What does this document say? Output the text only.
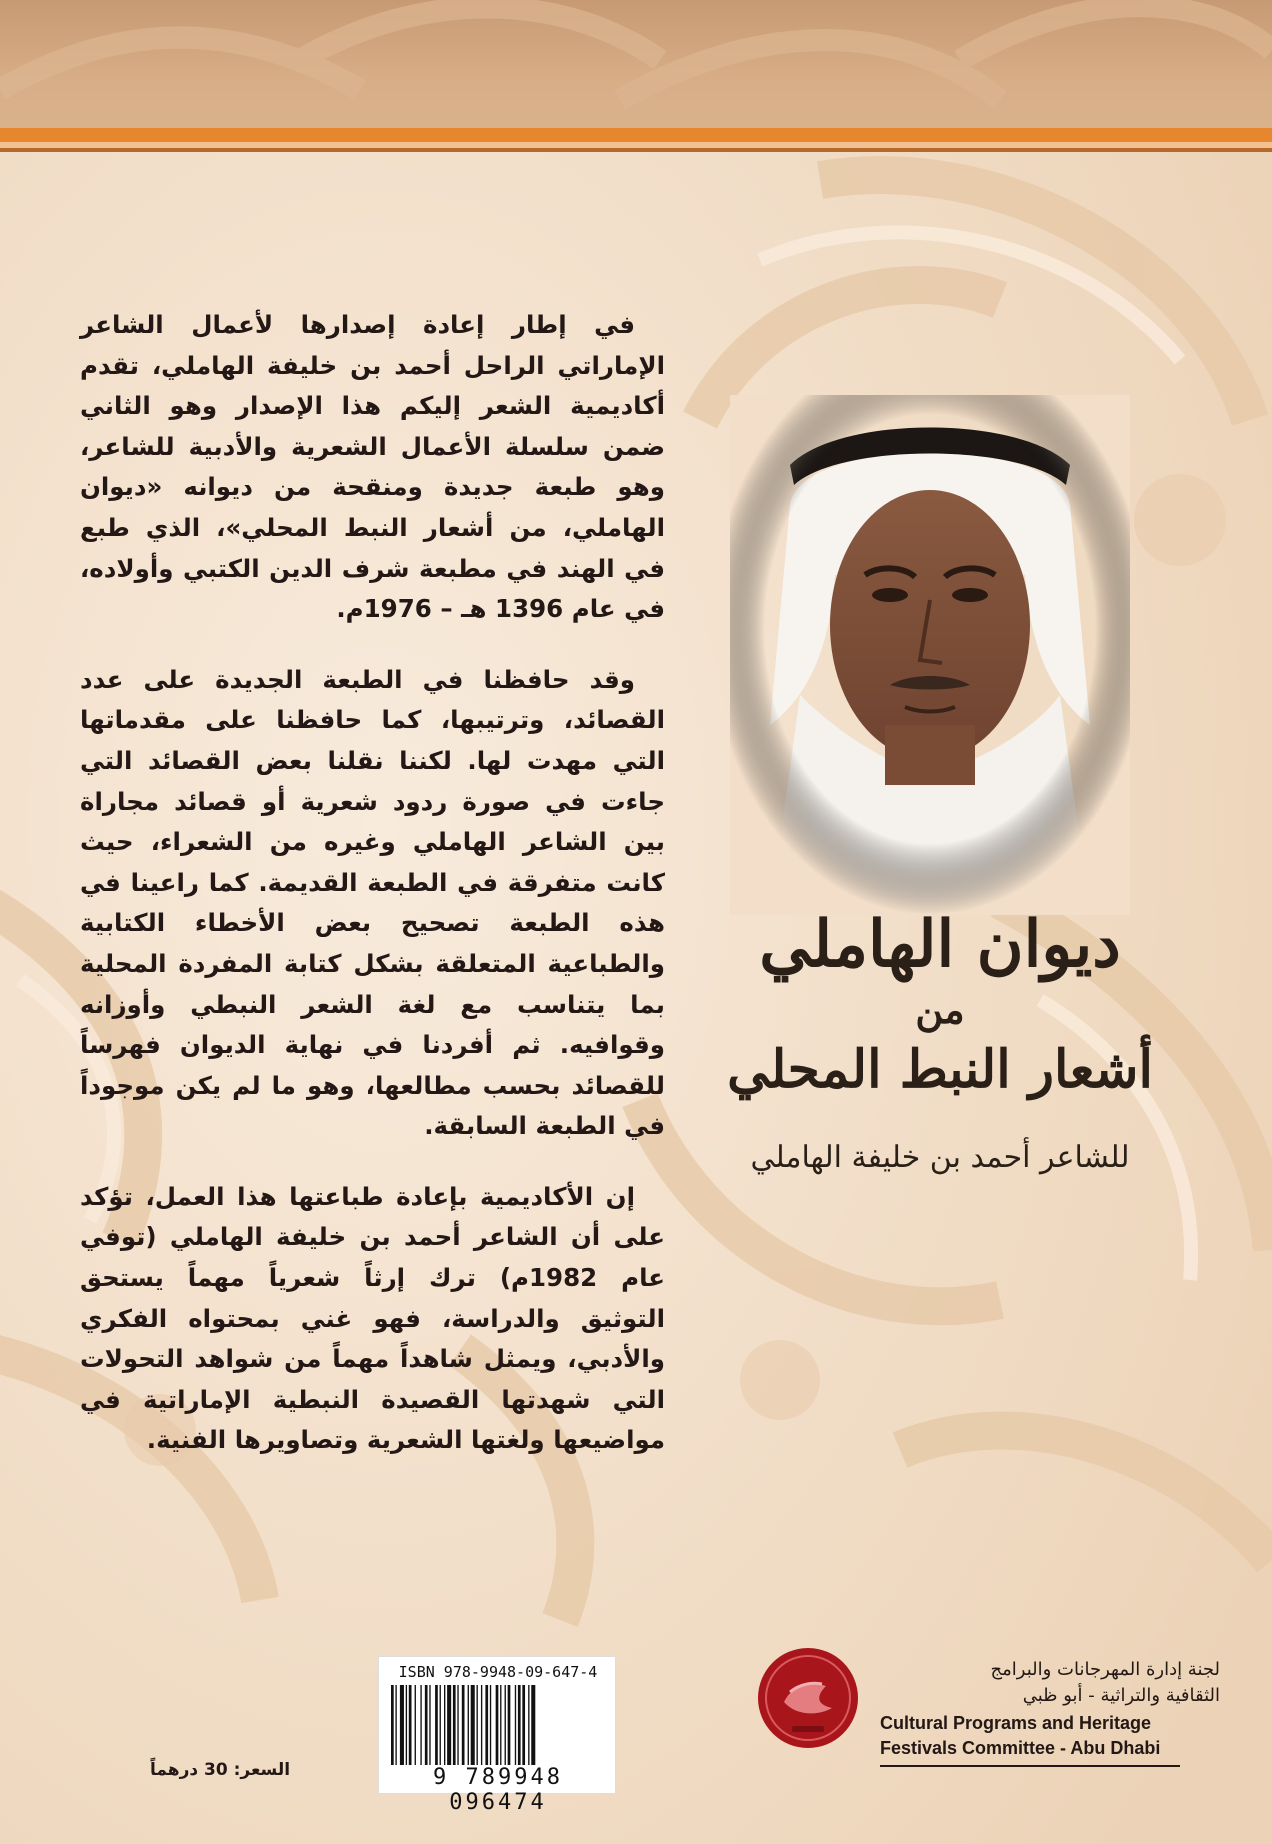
في إطار إعادة إصدارها لأعمال الشاعر الإماراتي الراحل أحمد بن خليفة الهاملي، تقدم أكاديمية الشعر إليكم هذا الإصدار وهو الثاني ضمن سلسلة الأعمال الشعرية والأدبية للشاعر، وهو طبعة جديدة ومنقحة من ديوانه «ديوان الهاملي، من أشعار النبط المحلي»، الذي طبع في الهند في مطبعة شرف الدين الكتبي وأولاده، في عام 1396 هـ – 1976م.

وقد حافظنا في الطبعة الجديدة على عدد القصائد، وترتيبها، كما حافظنا على مقدماتها التي مهدت لها. لكننا نقلنا بعض القصائد التي جاءت في صورة ردود شعرية أو قصائد مجاراة بين الشاعر الهاملي وغيره من الشعراء، حيث كانت متفرقة في الطبعة القديمة. كما راعينا في هذه الطبعة تصحيح بعض الأخطاء الكتابية والطباعية المتعلقة بشكل كتابة المفردة المحلية بما يتناسب مع لغة الشعر النبطي وأوزانه وقوافيه. ثم أفردنا في نهاية الديوان فهرساً للقصائد بحسب مطالعها، وهو ما لم يكن موجوداً في الطبعة السابقة.

إن الأكاديمية بإعادة طباعتها هذا العمل، تؤكد على أن الشاعر أحمد بن خليفة الهاملي (توفي عام 1982م) ترك إرثاً شعرياً مهماً يستحق التوثيق والدراسة، فهو غني بمحتواه الفكري والأدبي، ويمثل شاهداً مهماً من شواهد التحولات التي شهدتها القصيدة النبطية الإماراتية في مواضيعها ولغتها الشعرية وتصاويرها الفنية.

ديوان الهاملي
من
أشعار النبط المحلي
للشاعر أحمد بن خليفة الهاملي
ISBN 978-9948-09-647-4
9 789948 096474
السعر: 30 درهماً
لجنة إدارة المهرجانات والبرامج
الثقافية والتراثية - أبو ظبي
Cultural Programs and Heritage
Festivals Committee - Abu Dhabi
